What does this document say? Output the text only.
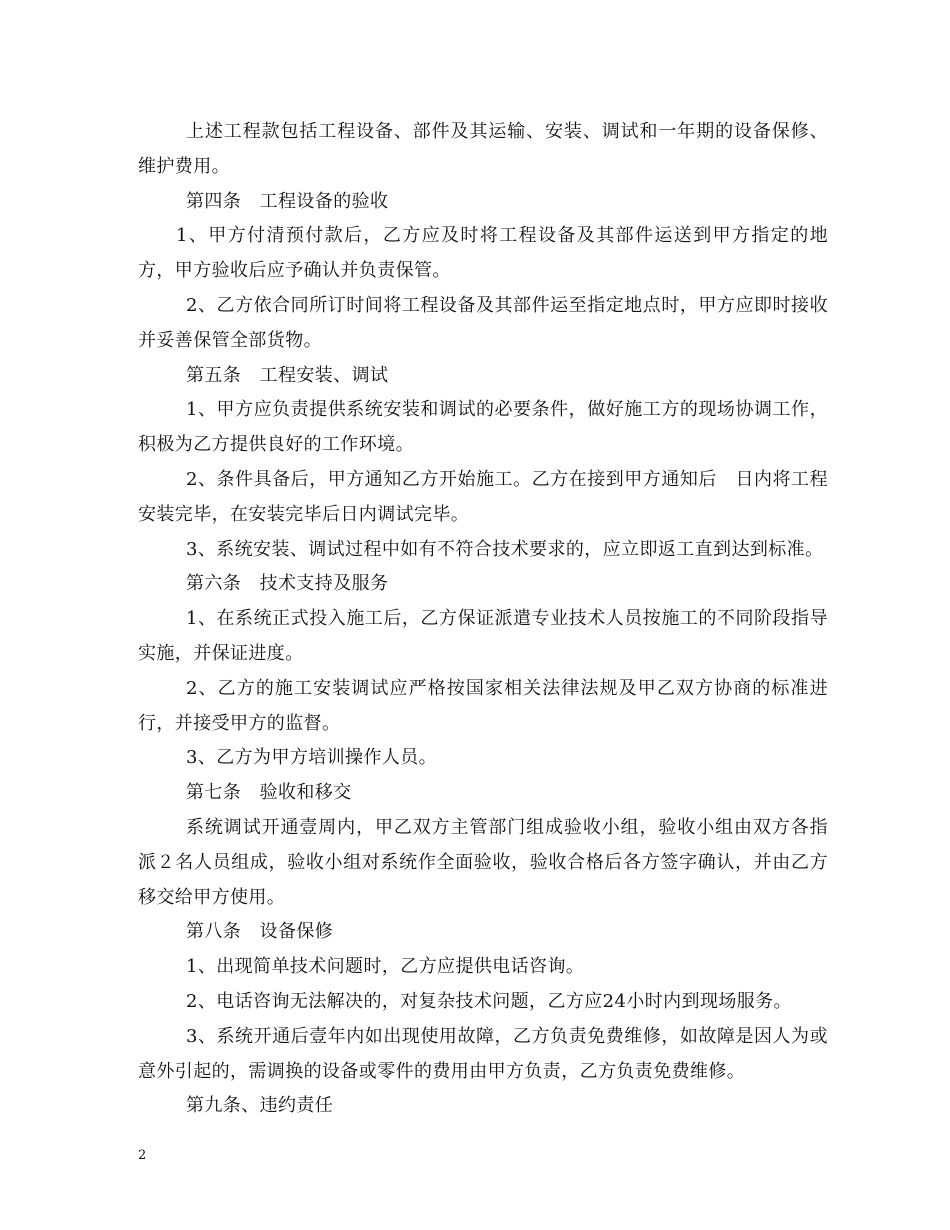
上述工程款包括工程设备、部件及其运输、安装、调试和一年期的设备保修、维护费用。

第四条　工程设备的验收

1、甲方付清预付款后，乙方应及时将工程设备及其部件运送到甲方指定的地方，甲方验收后应予确认并负责保管。

2、乙方依合同所订时间将工程设备及其部件运至指定地点时，甲方应即时接收并妥善保管全部货物。

第五条　工程安装、调试

1、甲方应负责提供系统安装和调试的必要条件，做好施工方的现场协调工作，积极为乙方提供良好的工作环境。

2、条件具备后，甲方通知乙方开始施工。乙方在接到甲方通知后　日内将工程安装完毕，在安装完毕后日内调试完毕。

3、系统安装、调试过程中如有不符合技术要求的，应立即返工直到达到标准。

第六条　技术支持及服务

1、在系统正式投入施工后，乙方保证派遣专业技术人员按施工的不同阶段指导实施，并保证进度。

2、乙方的施工安装调试应严格按国家相关法律法规及甲乙双方协商的标准进行，并接受甲方的监督。

3、乙方为甲方培训操作人员。

第七条　验收和移交

系统调试开通壹周内，甲乙双方主管部门组成验收小组，验收小组由双方各指派２名人员组成，验收小组对系统作全面验收，验收合格后各方签字确认，并由乙方移交给甲方使用。

第八条　设备保修

1、出现简单技术问题时，乙方应提供电话咨询。

2、电话咨询无法解决的，对复杂技术问题，乙方应24小时内到现场服务。

3、系统开通后壹年内如出现使用故障，乙方负责免费维修，如故障是因人为或意外引起的，需调换的设备或零件的费用由甲方负责，乙方负责免费维修。

第九条、违约责任

2
